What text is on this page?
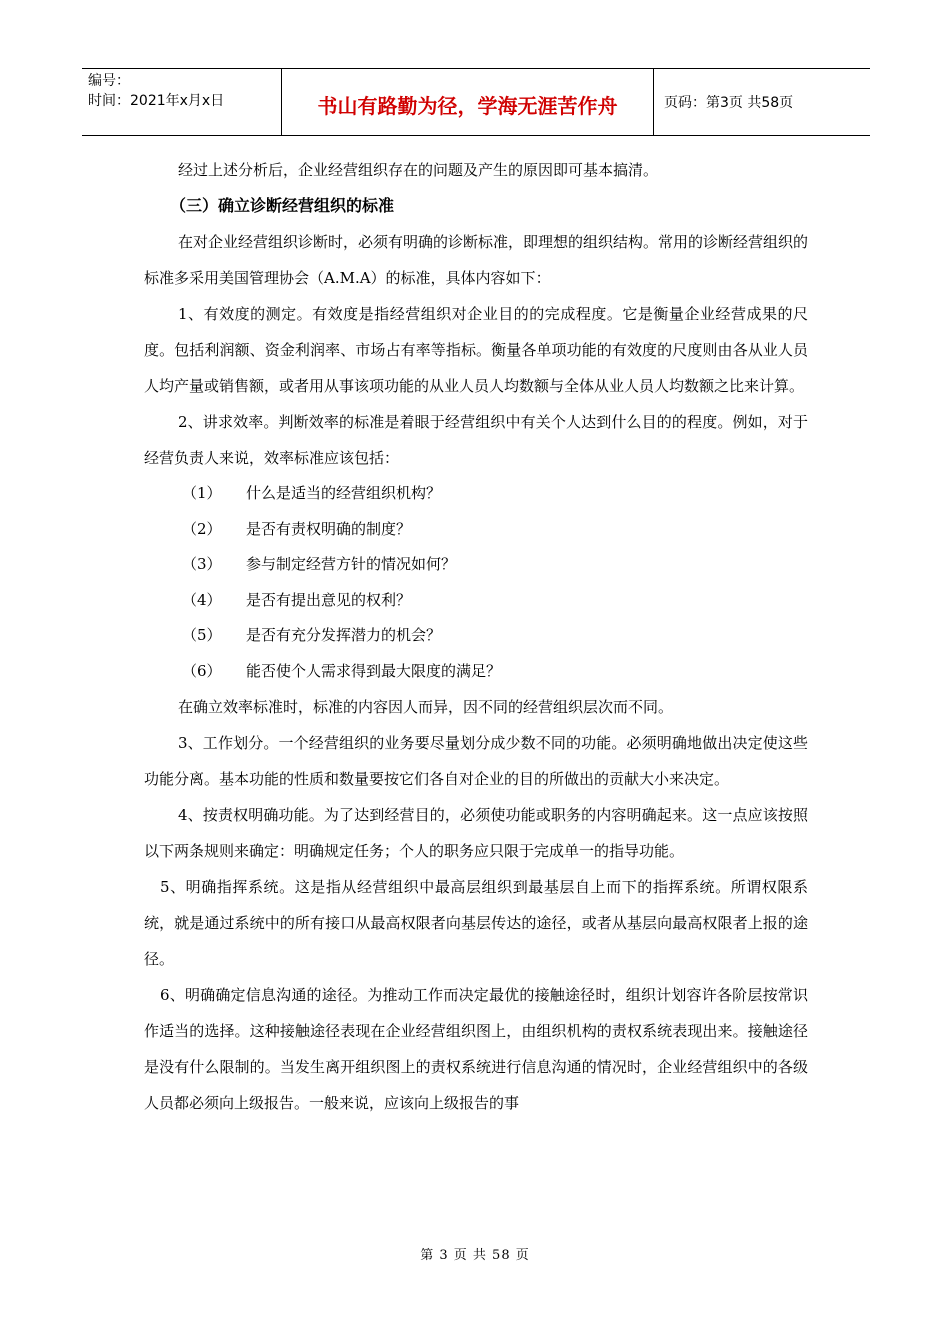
编号：
时间：2021年x月x日	书山有路勤为径，学海无涯苦作舟	页码：第3页 共58页

经过上述分析后，企业经营组织存在的问题及产生的原因即可基本搞清。

（三）确立诊断经营组织的标准

在对企业经营组织诊断时，必须有明确的诊断标准，即理想的组织结构。常用的诊断经营组织的标准多采用美国管理协会（A.M.A）的标准，具体内容如下：

1、有效度的测定。有效度是指经营组织对企业目的的完成程度。它是衡量企业经营成果的尺度。包括利润额、资金利润率、市场占有率等指标。衡量各单项功能的有效度的尺度则由各从业人员人均产量或销售额，或者用从事该项功能的从业人员人均数额与全体从业人员人均数额之比来计算。

2、讲求效率。判断效率的标准是着眼于经营组织中有关个人达到什么目的的程度。例如，对于经营负责人来说，效率标准应该包括：

（1）	什么是适当的经营组织机构？
（2）	是否有责权明确的制度？
（3）	参与制定经营方针的情况如何？
（4）	是否有提出意见的权利？
（5）	是否有充分发挥潜力的机会？
（6）	能否使个人需求得到最大限度的满足？

在确立效率标准时，标准的内容因人而异，因不同的经营组织层次而不同。

3、工作划分。一个经营组织的业务要尽量划分成少数不同的功能。必须明确地做出决定使这些功能分离。基本功能的性质和数量要按它们各自对企业的目的所做出的贡献大小来决定。

4、按责权明确功能。为了达到经营目的，必须使功能或职务的内容明确起来。这一点应该按照以下两条规则来确定：明确规定任务；个人的职务应只限于完成单一的指导功能。

5、明确指挥系统。这是指从经营组织中最高层组织到最基层自上而下的指挥系统。所谓权限系统，就是通过系统中的所有接口从最高权限者向基层传达的途径，或者从基层向最高权限者上报的途径。

6、明确确定信息沟通的途径。为推动工作而决定最优的接触途径时，组织计划容许各阶层按常识作适当的选择。这种接触途径表现在企业经营组织图上，由组织机构的责权系统表现出来。接触途径是没有什么限制的。当发生离开组织图上的责权系统进行信息沟通的情况时，企业经营组织中的各级人员都必须向上级报告。一般来说，应该向上级报告的事

第 3 页 共 58 页
